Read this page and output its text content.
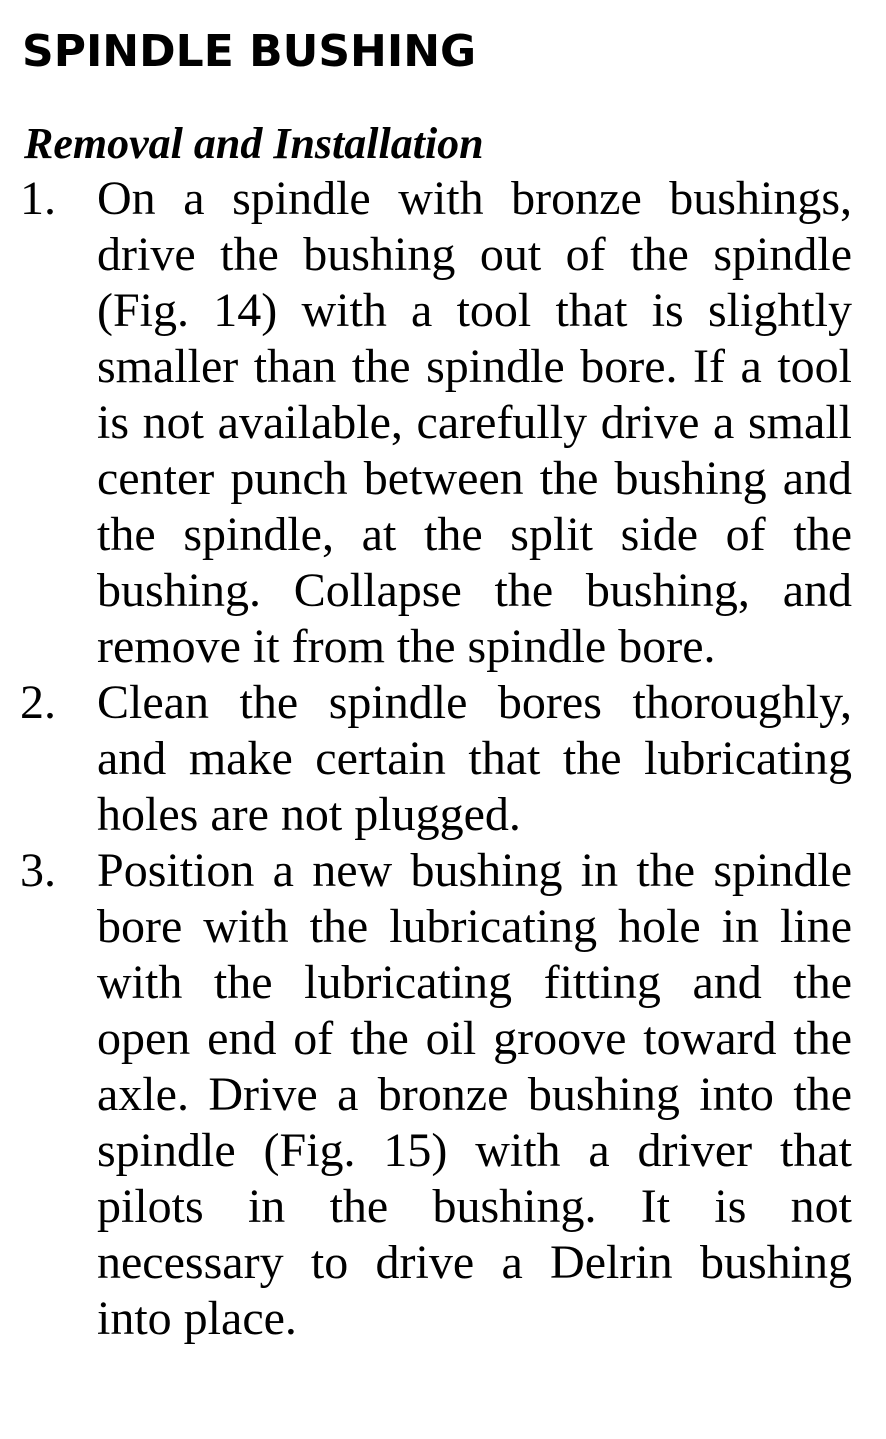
SPINDLE BUSHING
Removal and Installation
1. On a spindle with bronze bushings, drive the bushing out of the spindle (Fig. 14) with a tool that is slightly smaller than the spindle bore. If a tool is not available, carefully drive a small center punch between the bushing and the spindle, at the split side of the bushing. Collapse the bushing, and remove it from the spindle bore.

2. Clean the spindle bores thoroughly, and make certain that the lubricating holes are not plugged.

3. Position a new bushing in the spindle bore with the lubricating hole in line with the lubricating fitting and the open end of the oil groove toward the axle. Drive a bronze bushing into the spindle (Fig. 15) with a driver that pilots in the bushing. It is not necessary to drive a Delrin bushing into place.
